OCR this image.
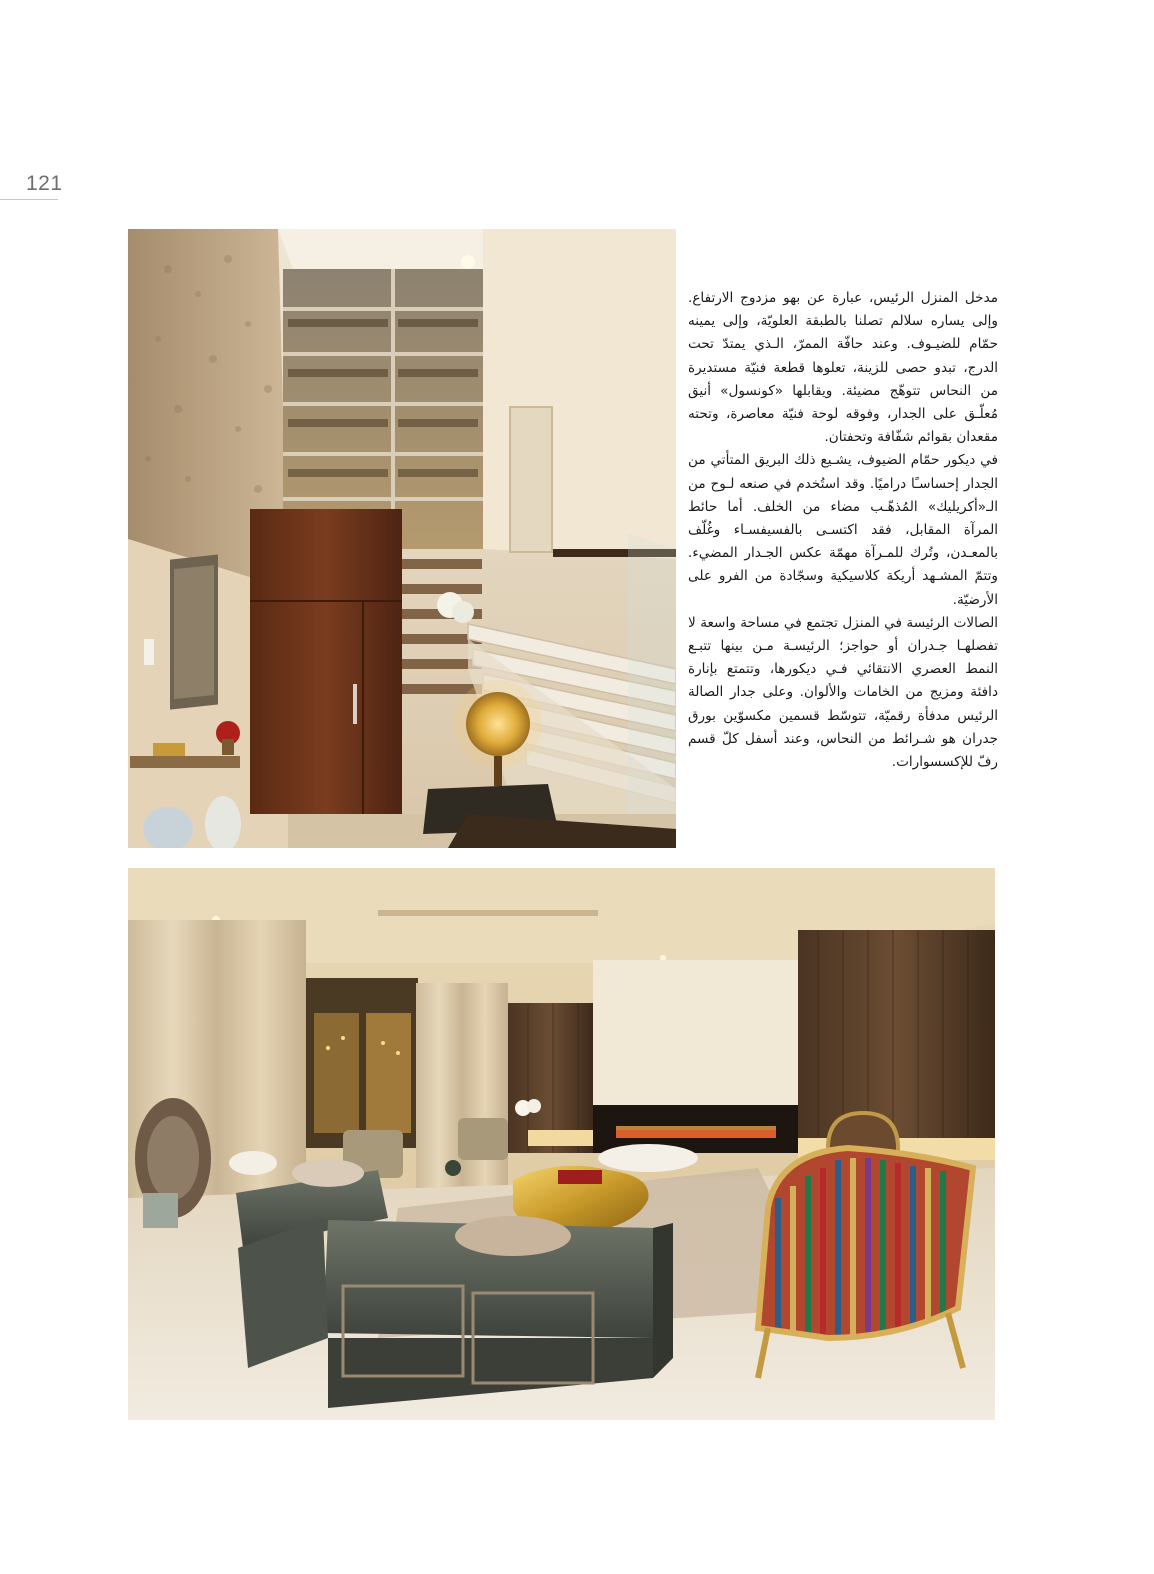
121

مدخل المنزل الرئيس، عبارة عن بهو مزدوج الارتفاع. وإلى يساره سلالم تصلنا بالطبقة العلويّة، وإلى يمينه حمّام للضيـوف. وعند حافّة الممرّ، الـذي يمتدّ تحت الدرج، تبدو حصى للزينة، تعلوها قطعة فنيّة مستديرة من النحاس تتوهّج مضيئة. ويقابلها «كونسول» أنيق مُعلّـق على الجدار، وفوقه لوحة فنيّة معاصرة، وتحته مقعدان بقوائم شفّافة وتحفتان.

في ديكور حمّام الضيوف، يشـيع ذلك البريق المتأتي من الجدار إحساسـًا دراميًا. وقد استُخدم في صنعه لـوح من الـ«أكريليك» المُذهّـب مضاء من الخلف. أما حائط المرآة المقابل، فقد اكتسـى بالفسيفسـاء وغُلّف بالمعـدن، وتُرك للمـرآة مهمّة عكس الجـدار المضيء. وتتمّ المشـهد أريكة كلاسيكية وسجّادة من الفرو على الأرضيّة.

الصالات الرئيسة في المنزل تجتمع في مساحة واسعة لا تفصلهـا جـدران أو حواجز؛ الرئيسـة مـن بينها تتبـع النمط العصري الانتقائي فـي ديكورها، وتتمتع بإنارة دافئة ومزيج من الخامات والألوان. وعلى جدار الصالة الرئيس مدفأة رقميّة، تتوسّط قسمين مكسوّين بورق جدران هو شـرائط من النحاس، وعند أسفل كلّ قسم رفّ للإكسسوارات.
